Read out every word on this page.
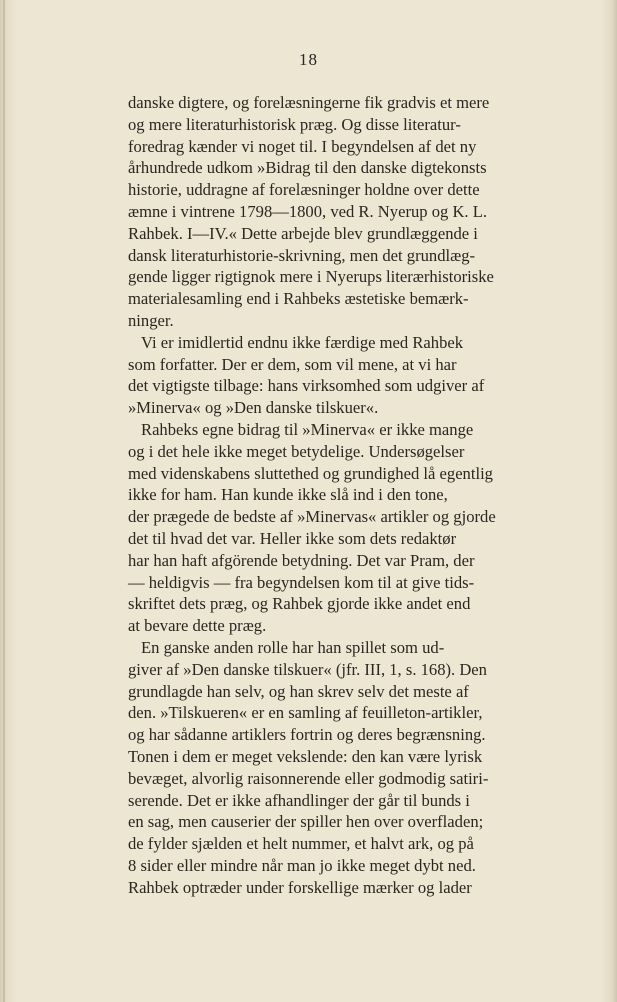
18
danske digtere, og forelæsningerne fik gradvis et mere
og mere literaturhistorisk præg. Og disse literatur-
foredrag kænder vi noget til. I begyndelsen af det ny
århundrede udkom »Bidrag til den danske digtekonsts
historie, uddragne af forelæsninger holdne over dette
æmne i vintrene 1798—1800, ved R. Nyerup og K. L.
Rahbek. I—IV.« Dette arbejde blev grundlæggende i
dansk literaturhistorie-skrivning, men det grundlæg-
gende ligger rigtignok mere i Nyerups literærhistoriske
materialesamling end i Rahbeks æstetiske bemærk-
ninger.
Vi er imidlertid endnu ikke færdige med Rahbek
som forfatter. Der er dem, som vil mene, at vi har
det vigtigste tilbage: hans virksomhed som udgiver af
»Minerva« og »Den danske tilskuer«.
Rahbeks egne bidrag til »Minerva« er ikke mange
og i det hele ikke meget betydelige. Undersøgelser
med videnskabens sluttethed og grundighed lå egentlig
ikke for ham. Han kunde ikke slå ind i den tone,
der prægede de bedste af »Minervas« artikler og gjorde
det til hvad det var. Heller ikke som dets redaktør
har han haft afgörende betydning. Det var Pram, der
— heldigvis — fra begyndelsen kom til at give tids-
skriftet dets præg, og Rahbek gjorde ikke andet end
at bevare dette præg.
En ganske anden rolle har han spillet som ud-
giver af »Den danske tilskuer« (jfr. III, 1, s. 168). Den
grundlagde han selv, og han skrev selv det meste af
den. »Tilskueren« er en samling af feuilleton-artikler,
og har sådanne artiklers fortrin og deres begrænsning.
Tonen i dem er meget vekslende: den kan være lyrisk
bevæget, alvorlig raisonnerende eller godmodig satiri-
serende. Det er ikke afhandlinger der går til bunds i
en sag, men causerier der spiller hen over overfladen;
de fylder sjælden et helt nummer, et halvt ark, og på
8 sider eller mindre når man jo ikke meget dybt ned.
Rahbek optræder under forskellige mærker og lader
